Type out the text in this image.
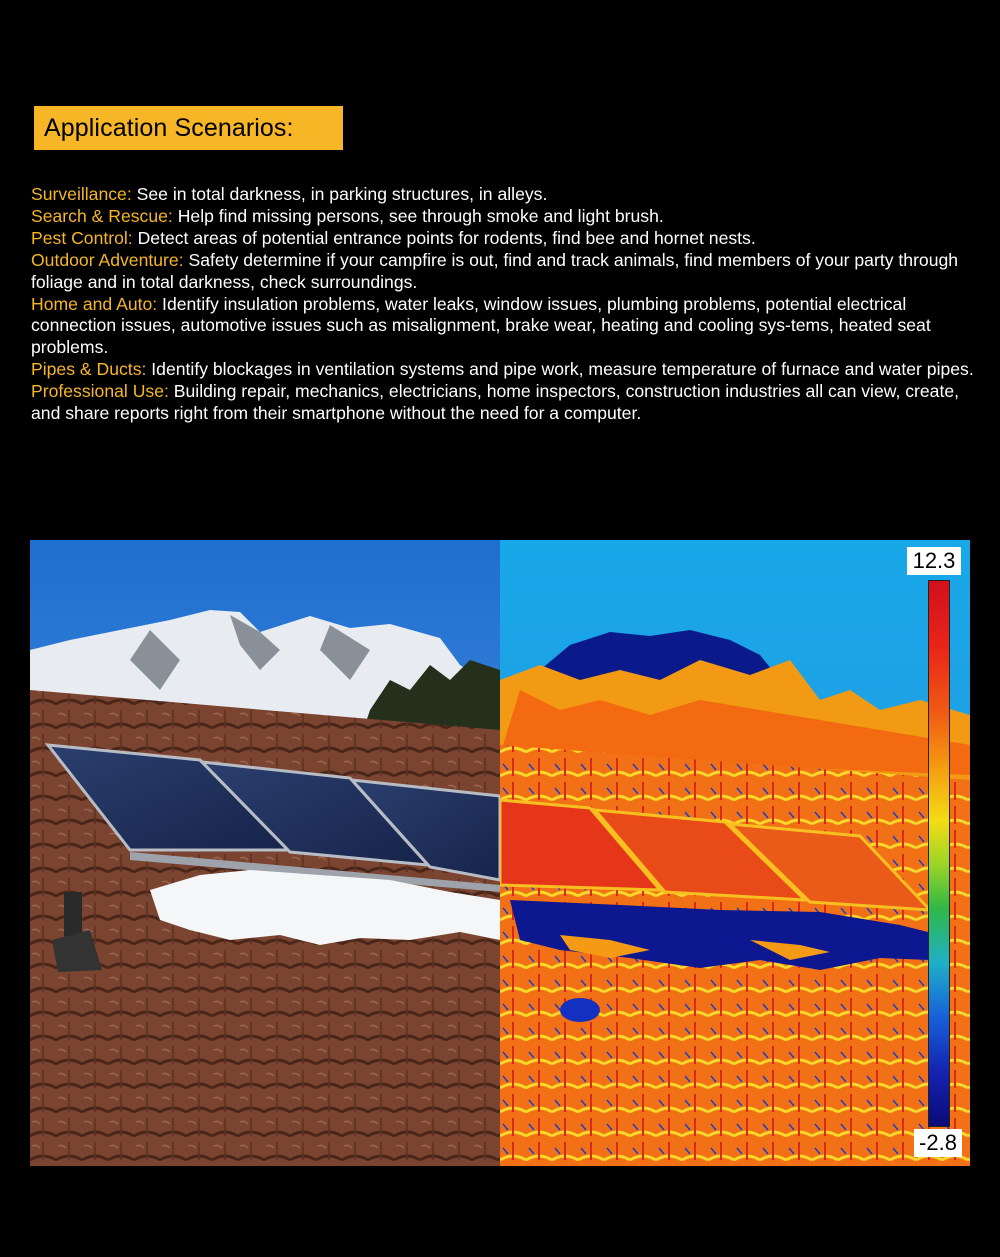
Application Scenarios:

Surveillance: See in total darkness, in parking structures, in alleys.

Search & Rescue: Help find missing persons, see through smoke and light brush.

Pest Control: Detect areas of potential entrance points for rodents, find bee and hornet nests.

Outdoor Adventure: Safety determine if your campfire is out, find and track animals, find members of your party through foliage and in total darkness, check surroundings.

Home and Auto: Identify insulation problems, water leaks, window issues, plumbing problems, potential electrical connection issues, automotive issues such as misalignment, brake wear, heating and cooling sys-tems, heated seat problems.

Pipes & Ducts: Identify blockages in ventilation systems and pipe work, measure temperature of furnace and water pipes.

Professional Use: Building repair, mechanics, electricians, home inspectors, construction industries all can view, create, and share reports right from their smartphone without the need for a computer.

12.3
-2.8
